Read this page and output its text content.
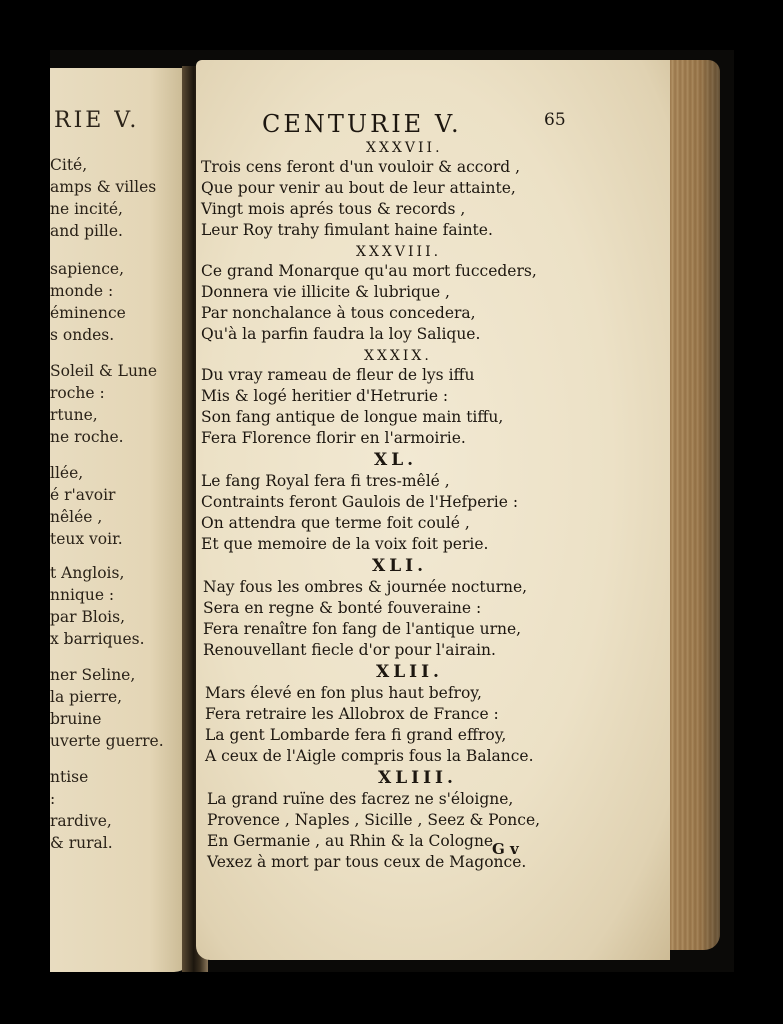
RIE V.
Cité,
amps & villes
ne incité,
and pille.
sapience,
monde :
éminence
s ondes.
Soleil & Lune
roche :
rtune,
ne roche.
llée,
é r'avoir
nêlée ,
teux voir.
t Anglois,
nnique :
par Blois,
x barriques.
ner Seline,
la pierre,
bruine
uverte guerre.
ntise
:
rardive,
& rural.
CENTURIE V.	65
XXXVII.
Trois cens feront d'un vouloir & accord ,
Que pour venir au bout de leur attainte,
Vingt mois aprés tous & records ,
Leur Roy trahy fimulant haine fainte.
XXXVIII.
Ce grand Monarque qu'au mort fucceders,
Donnera vie illicite & lubrique ,
Par nonchalance à tous concedera,
Qu'à la parfin faudra la loy Salique.
XXXIX.
Du vray rameau de fleur de lys iffu
Mis & logé heritier d'Hetrurie :
Son fang antique de longue main tiffu,
Fera Florence florir en l'armoirie.
XL.
Le fang Royal fera fi tres-mêlé ,
Contraints feront Gaulois de l'Hefperie :
On attendra que terme foit coulé ,
Et que memoire de la voix foit perie.
XLI.
Nay fous les ombres & journée nocturne,
Sera en regne & bonté fouveraine :
Fera renaître fon fang de l'antique urne,
Renouvellant fiecle d'or pour l'airain.
XLII.
Mars élevé en fon plus haut befroy,
Fera retraire les Allobrox de France :
La gent Lombarde fera fi grand effroy,
A ceux de l'Aigle compris fous la Balance.
XLIII.
La grand ruïne des facrez ne s'éloigne,
Provence , Naples , Sicille , Seez & Ponce,
En Germanie , au Rhin & la Cologne,
Vexez à mort par tous ceux de Magonce.
G v
